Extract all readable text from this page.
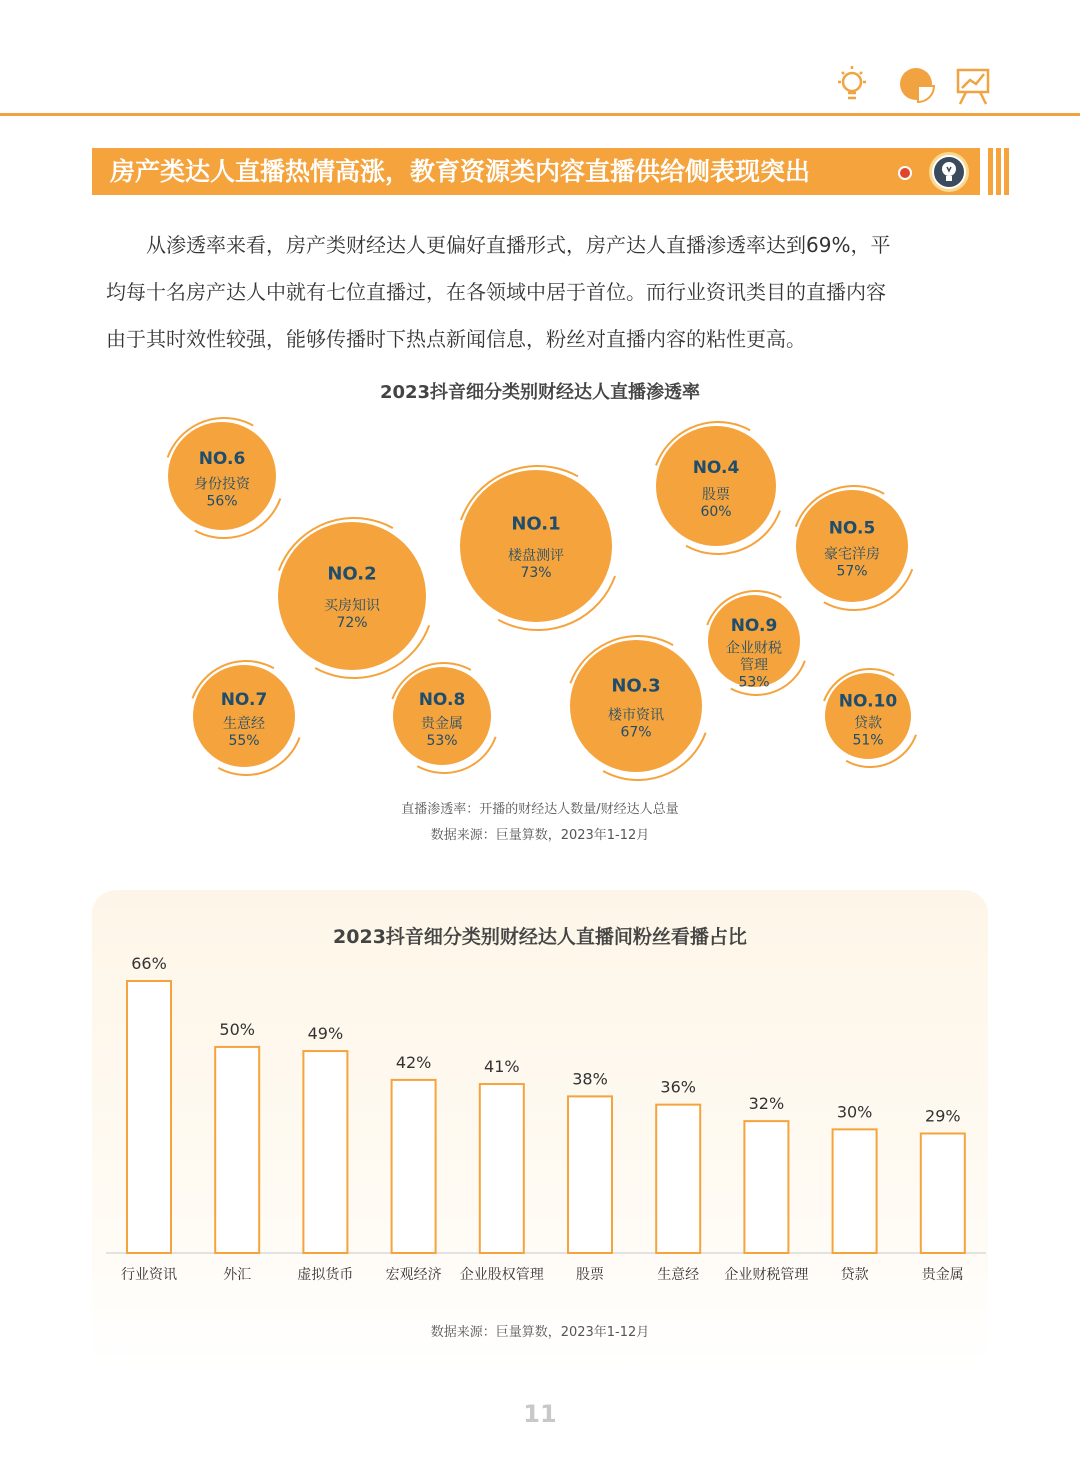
房产类达人直播热情高涨，教育资源类内容直播供给侧表现突出

从渗透率来看，房产类财经达人更偏好直播形式，房产达人直播渗透率达到69%，平

均每十名房产达人中就有七位直播过，在各领域中居于首位。而行业资讯类目的直播内容

由于其时效性较强，能够传播时下热点新闻信息，粉丝对直播内容的粘性更高。

2023抖音细分类别财经达人直播渗透率
NO.1
楼盘测评
73%
NO.2
买房知识
72%
NO.3
楼市资讯
67%
NO.4
股票
60%
NO.5
豪宅洋房
57%
NO.6
身份投资
56%
NO.7
生意经
55%
NO.8
贵金属
53%
NO.9
企业财税
管理
53%
NO.10
贷款
51%
直播渗透率：开播的财经达人数量/财经达人总量
数据来源：巨量算数，2023年1-12月
2023抖音细分类别财经达人直播间粉丝看播占比
66%
行业资讯
50%
外汇
49%
虚拟货币
42%
宏观经济
41%
企业股权管理
38%
股票
36%
生意经
32%
企业财税管理
30%
贷款
29%
贵金属
数据来源：巨量算数，2023年1-12月
11
